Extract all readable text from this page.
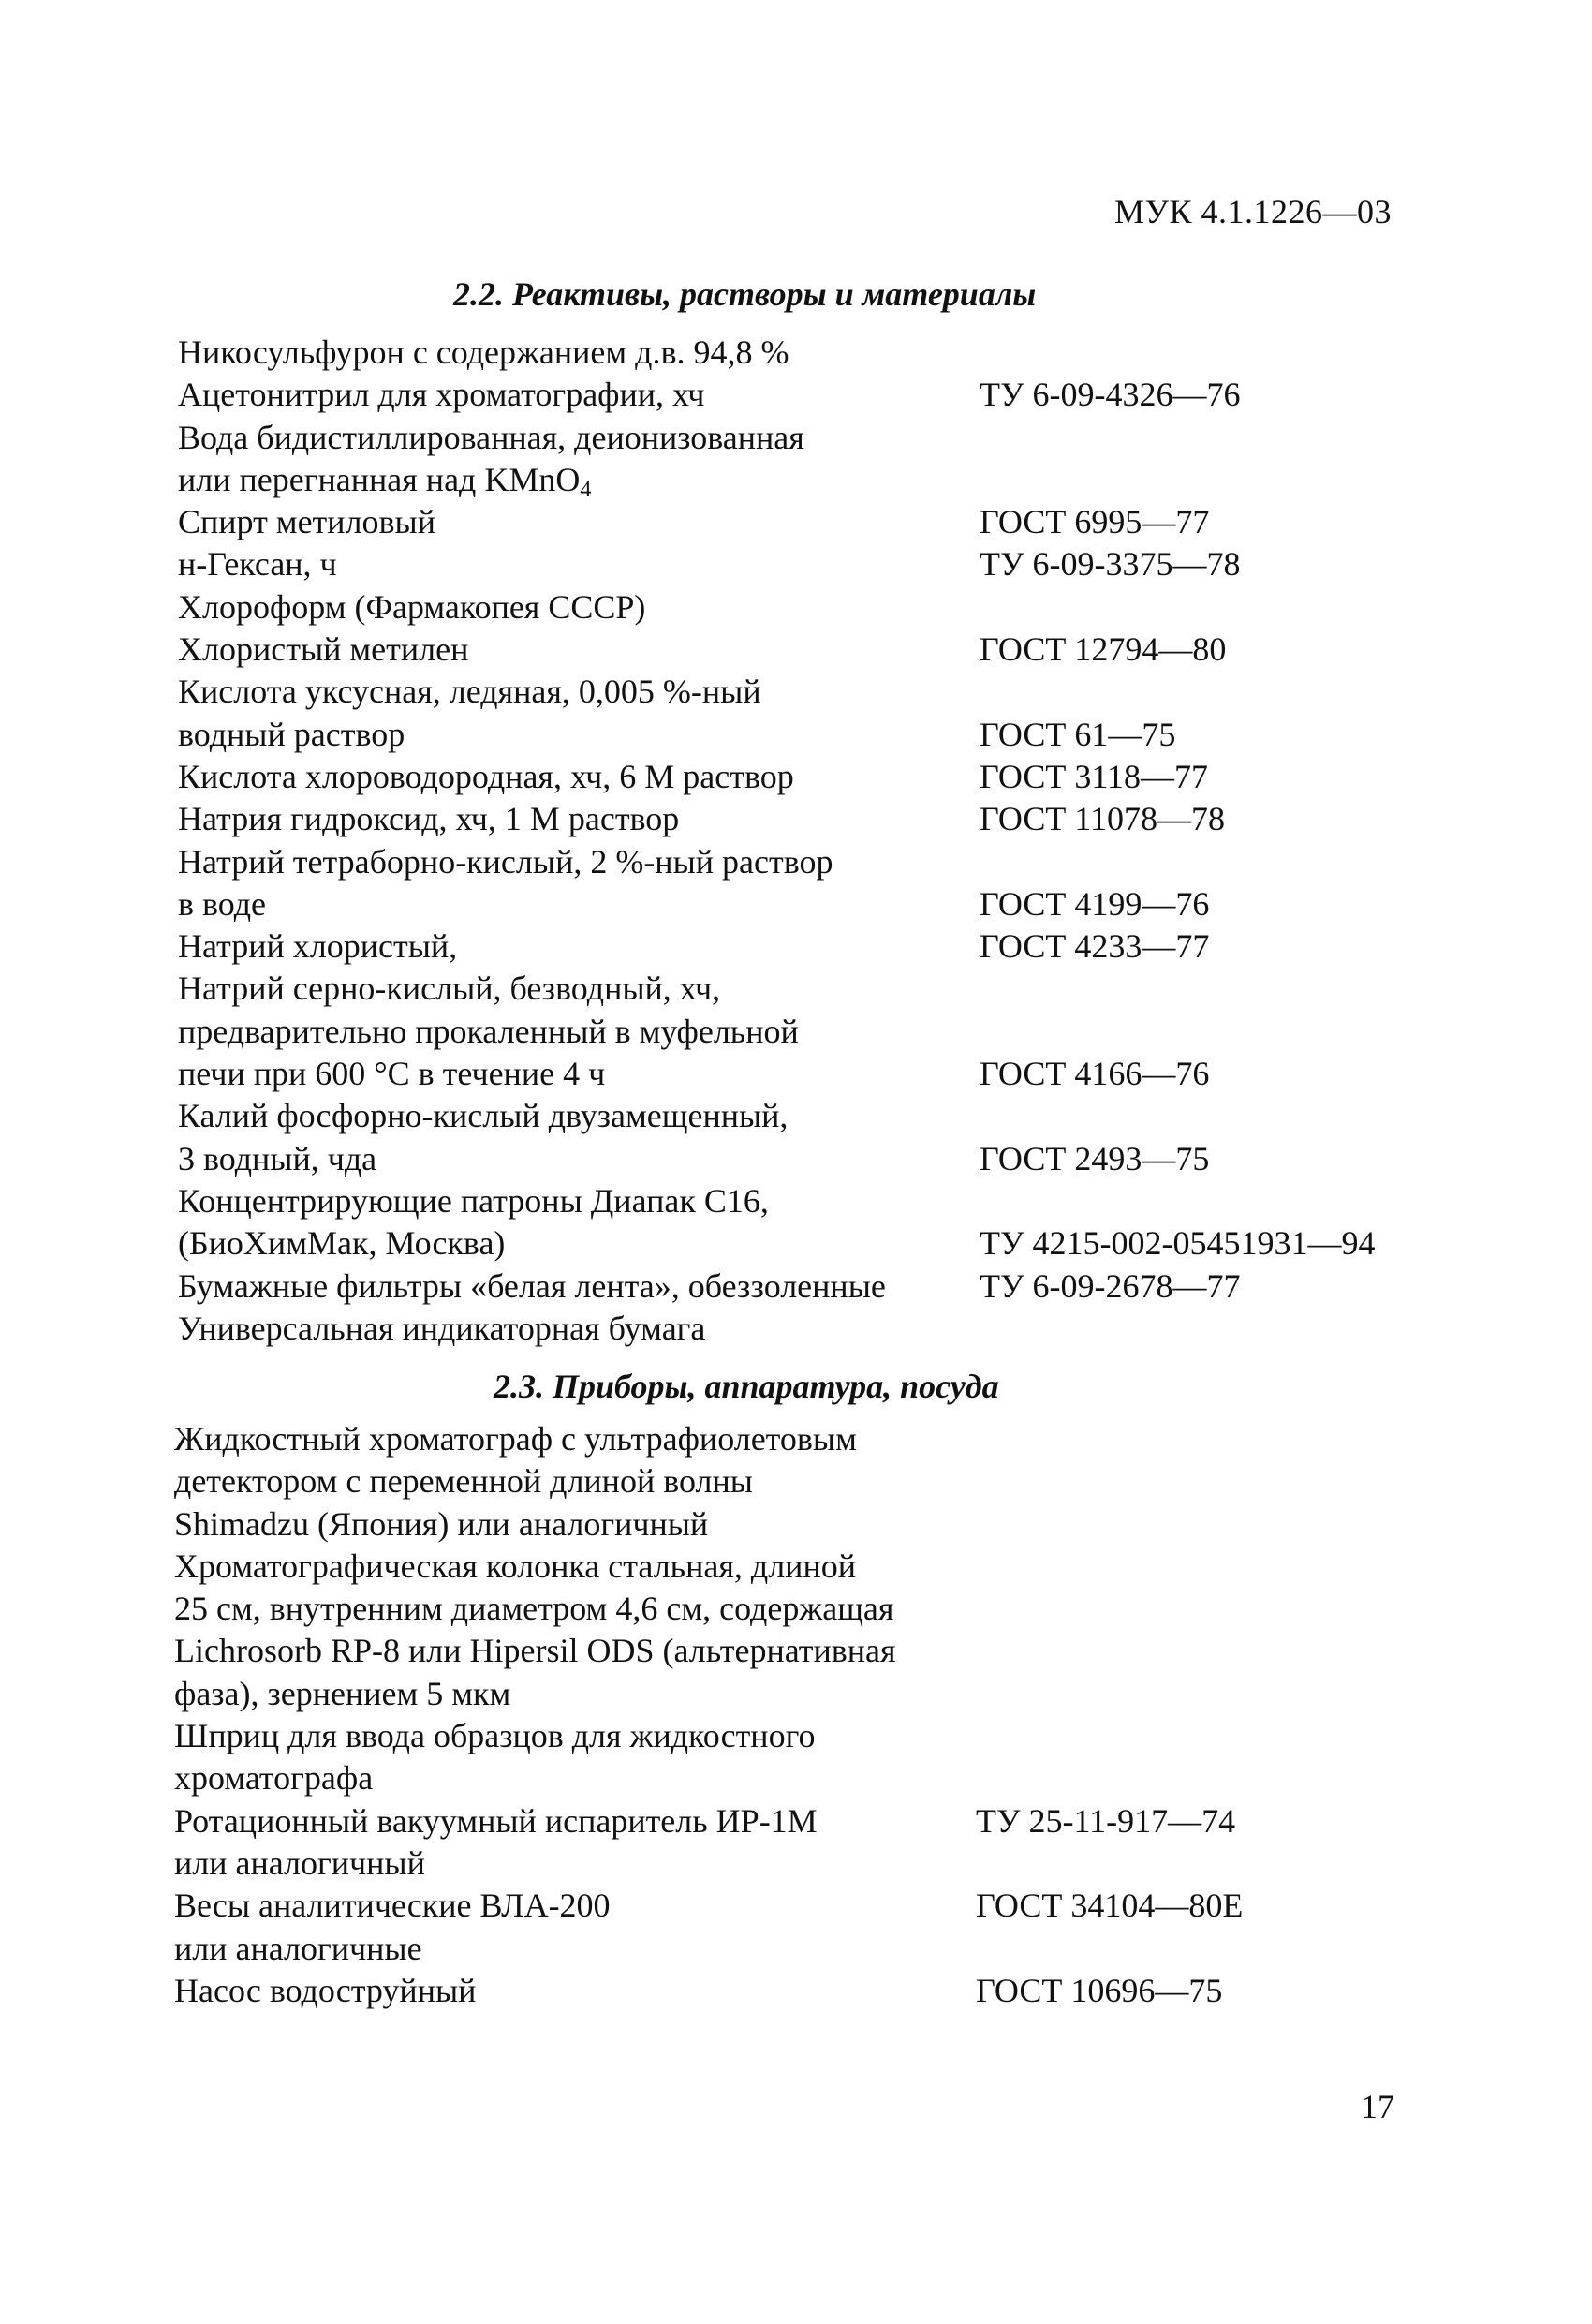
МУК 4.1.1226—03
2.2. Реактивы, растворы и материалы
Никосульфурон с содержанием д.в. 94,8 %
Ацетонитрил для хроматографии, хч	ТУ 6-09-4326—76
Вода бидистиллированная, деионизованная
или перегнанная над KMnO$_4$
Спирт метиловый	ГОСТ 6995—77
н-Гексан, ч	ТУ 6-09-3375—78
Хлороформ (Фармакопея СССР)
Хлористый метилен	ГОСТ 12794—80
Кислота уксусная, ледяная, 0,005 %-ный
водный раствор	ГОСТ 61—75
Кислота хлороводородная, хч, 6 М раствор	ГОСТ 3118—77
Натрия гидроксид, хч, 1 М раствор	ГОСТ 11078—78
Натрий тетраборно-кислый, 2 %-ный раствор
в воде	ГОСТ 4199—76
Натрий хлористый,	ГОСТ 4233—77
Натрий серно-кислый, безводный, хч,
предварительно прокаленный в муфельной
печи при 600 °С в течение 4 ч	ГОСТ 4166—76
Калий фосфорно-кислый двузамещенный,
3 водный, чда	ГОСТ 2493—75
Концентрирующие патроны Диапак С16,
(БиоХимМак, Москва)	ТУ 4215-002-05451931—94
Бумажные фильтры «белая лента», обеззоленные	ТУ 6-09-2678—77
Универсальная индикаторная бумага
2.3. Приборы, аппаратура, посуда
Жидкостный хроматограф с ультрафиолетовым
детектором с переменной длиной волны
Shimadzu (Япония) или аналогичный
Хроматографическая колонка стальная, длиной
25 см, внутренним диаметром 4,6 см, содержащая
Lichrosorb RP-8 или Hipersil ODS (альтернативная
фаза), зернением 5 мкм
Шприц для ввода образцов для жидкостного
хроматографа
Ротационный вакуумный испаритель ИР-1М	ТУ 25-11-917—74
или аналогичный
Весы аналитические ВЛА-200	ГОСТ 34104—80Е
или аналогичные
Насос водоструйный	ГОСТ 10696—75
17
